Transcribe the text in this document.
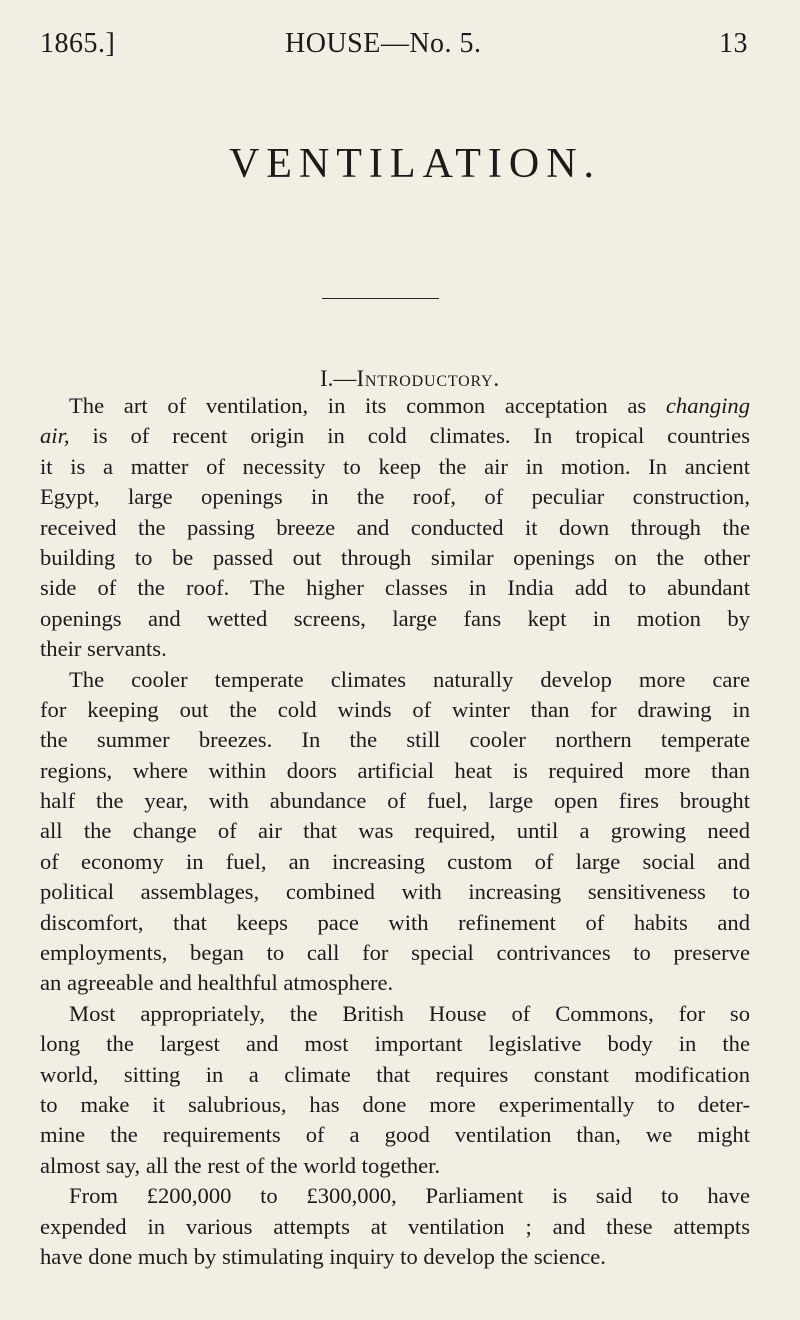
1865.]	HOUSE—No. 5.	13
VENTILATION.
I.—Introductory.
The art of ventilation, in its common acceptation as changing
air, is of recent origin in cold climates. In tropical countries
it is a matter of necessity to keep the air in motion. In ancient
Egypt, large openings in the roof, of peculiar construction,
received the passing breeze and conducted it down through the
building to be passed out through similar openings on the other
side of the roof. The higher classes in India add to abundant
openings and wetted screens, large fans kept in motion by
their servants.
The cooler temperate climates naturally develop more care
for keeping out the cold winds of winter than for drawing in
the summer breezes. In the still cooler northern temperate
regions, where within doors artificial heat is required more than
half the year, with abundance of fuel, large open fires brought
all the change of air that was required, until a growing need
of economy in fuel, an increasing custom of large social and
political assemblages, combined with increasing sensitiveness to
discomfort, that keeps pace with refinement of habits and
employments, began to call for special contrivances to preserve
an agreeable and healthful atmosphere.
Most appropriately, the British House of Commons, for so
long the largest and most important legislative body in the
world, sitting in a climate that requires constant modification
to make it salubrious, has done more experimentally to deter-
mine the requirements of a good ventilation than, we might
almost say, all the rest of the world together.
From £200,000 to £300,000, Parliament is said to have
expended in various attempts at ventilation ; and these attempts
have done much by stimulating inquiry to develop the science.
